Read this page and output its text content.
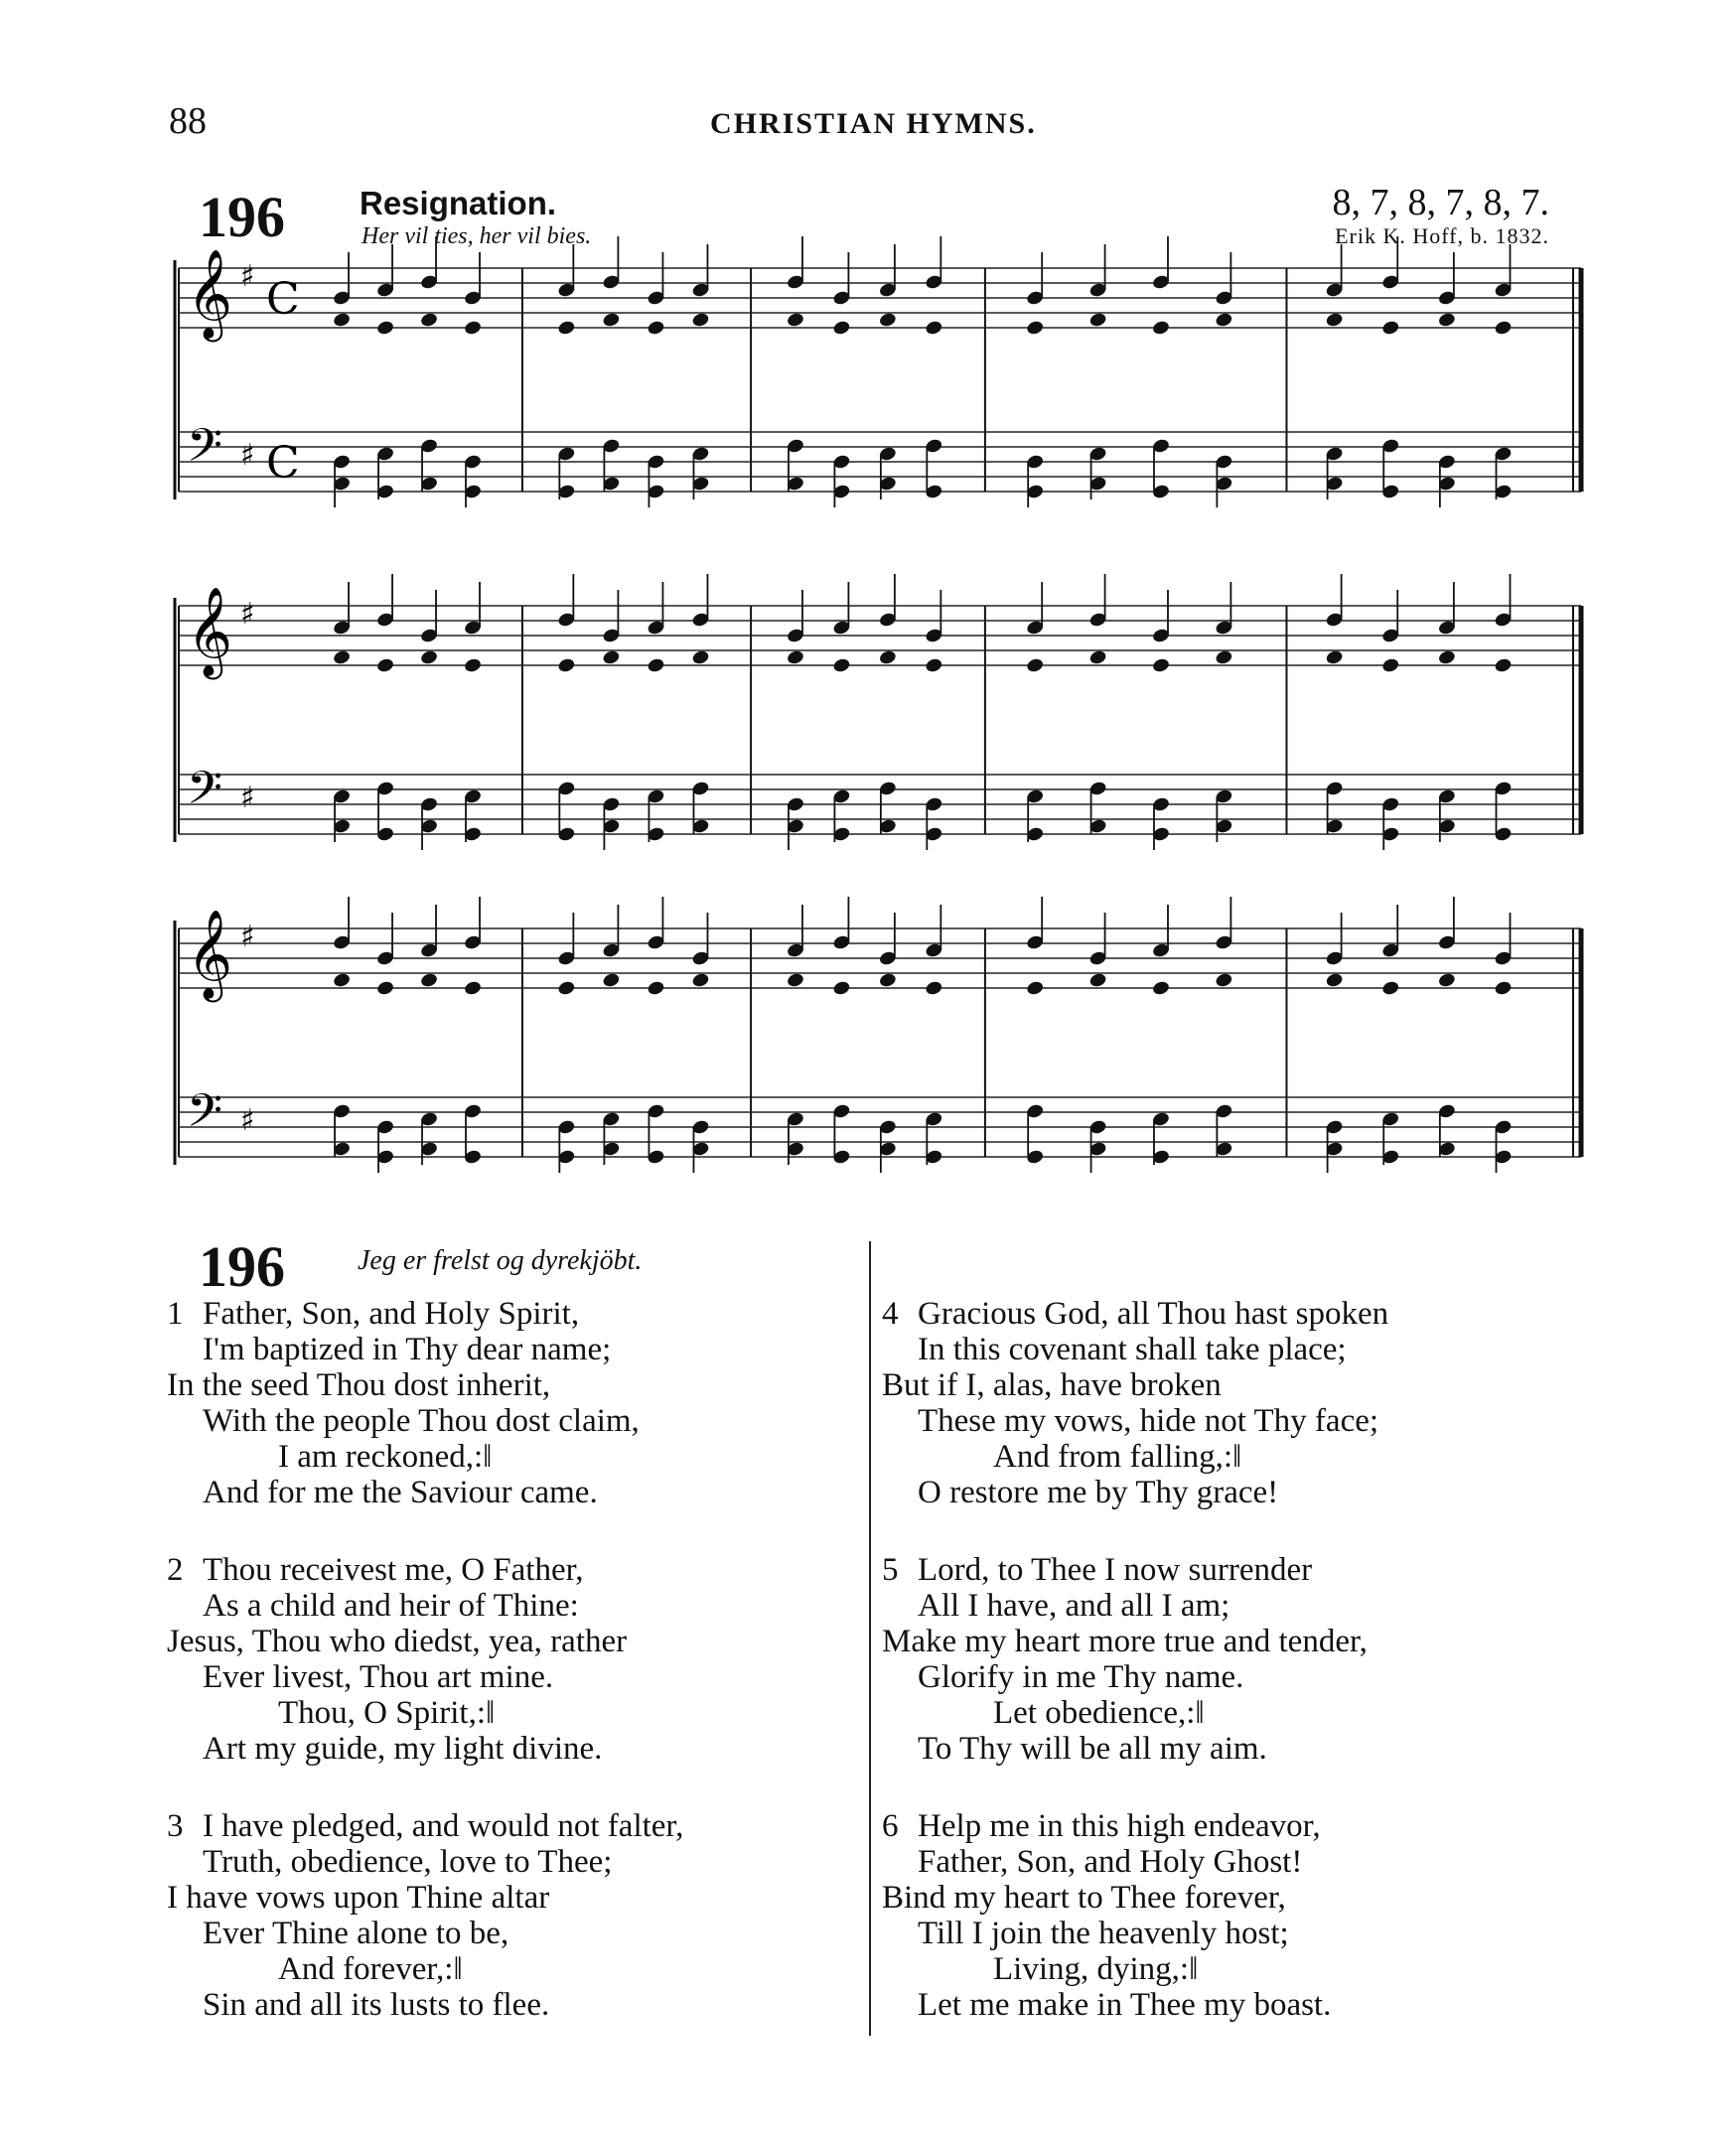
88	CHRISTIAN HYMNS.
196 Resignation.
Her vil ties, her vil bies.
8, 7, 8, 7, 8, 7.
Erik K. Hoff, b. 1832.
𝄞 ♯ C
𝄢 ♯ C
𝄞 ♯
𝄢 ♯
𝄞 ♯
𝄢 ♯
196	Jeg er frelst og dyrekjöbt.
1 Father, Son, and Holy Spirit,
I'm baptized in Thy dear name;
In the seed Thou dost inherit,
With the people Thou dost claim,
I am reckoned,:‖
And for me the Saviour came.
2 Thou receivest me, O Father,
As a child and heir of Thine:
Jesus, Thou who diedst, yea, rather
Ever livest, Thou art mine.
Thou, O Spirit,:‖
Art my guide, my light divine.
3 I have pledged, and would not falter,
Truth, obedience, love to Thee;
I have vows upon Thine altar
Ever Thine alone to be,
And forever,:‖
Sin and all its lusts to flee.
4 Gracious God, all Thou hast spoken
In this covenant shall take place;
But if I, alas, have broken
These my vows, hide not Thy face;
And from falling,:‖
O restore me by Thy grace!
5 Lord, to Thee I now surrender
All I have, and all I am;
Make my heart more true and tender,
Glorify in me Thy name.
Let obedience,:‖
To Thy will be all my aim.
6 Help me in this high endeavor,
Father, Son, and Holy Ghost!
Bind my heart to Thee forever,
Till I join the heavenly host;
Living, dying,:‖
Let me make in Thee my boast.
